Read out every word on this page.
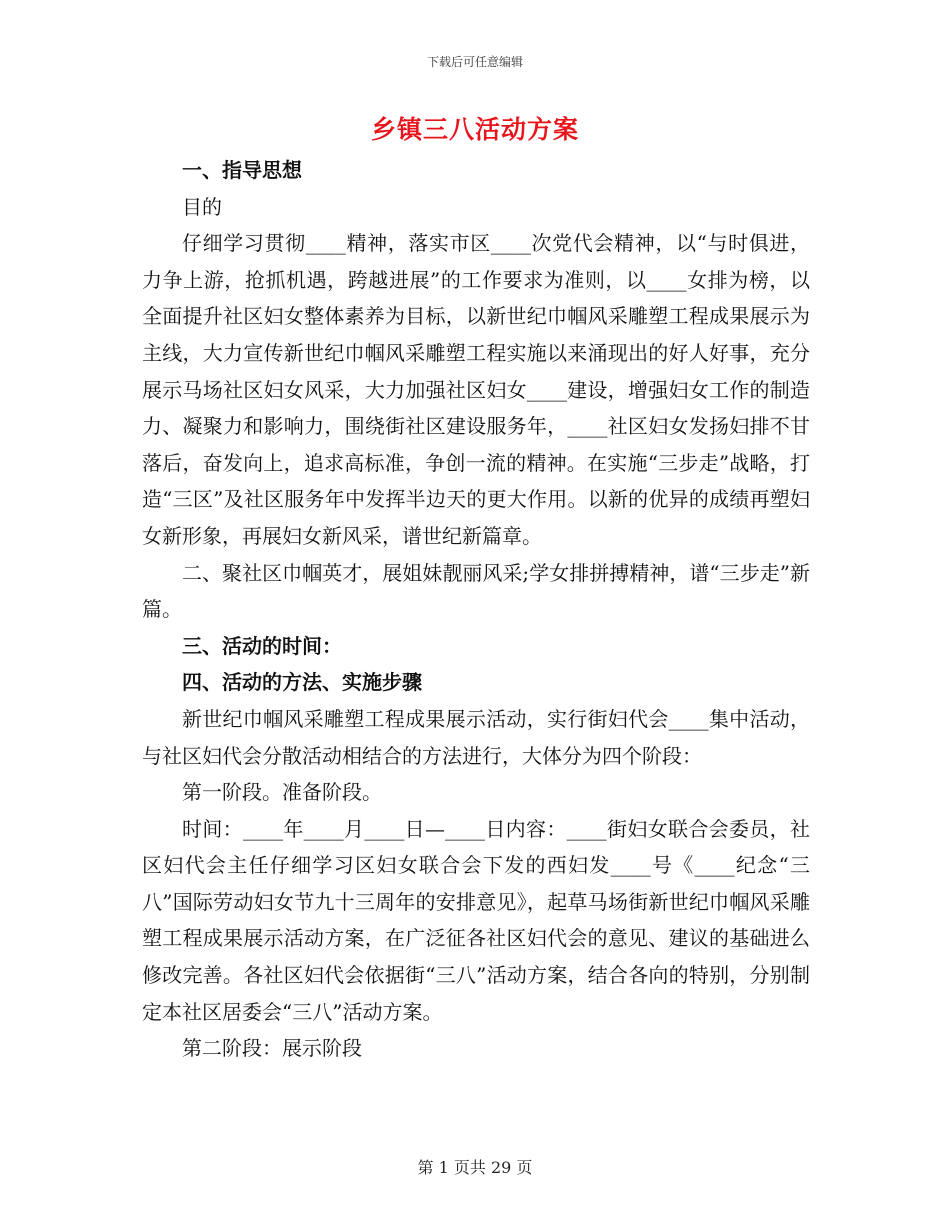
下载后可任意编辑
乡镇三八活动方案

一、指导思想

目的

仔细学习贯彻____精神，落实市区____次党代会精神，以“与时俱进，力争上游，抢抓机遇，跨越进展”的工作要求为准则，以____女排为榜，以全面提升社区妇女整体素养为目标，以新世纪巾帼风采雕塑工程成果展示为主线，大力宣传新世纪巾帼风采雕塑工程实施以来涌现出的好人好事，充分展示马场社区妇女风采，大力加强社区妇女____建设，增强妇女工作的制造力、凝聚力和影响力，围绕街社区建设服务年，____社区妇女发扬妇排不甘落后，奋发向上，追求高标准，争创一流的精神。在实施“三步走”战略，打造“三区”及社区服务年中发挥半边天的更大作用。以新的优异的成绩再塑妇女新形象，再展妇女新风采，谱世纪新篇章。

二、聚社区巾帼英才，展姐妹靓丽风采;学女排拼搏精神，谱“三步走”新篇。

三、活动的时间：

四、活动的方法、实施步骤

新世纪巾帼风采雕塑工程成果展示活动，实行街妇代会____集中活动，与社区妇代会分散活动相结合的方法进行，大体分为四个阶段：

第一阶段。准备阶段。

时间：____年____月____日—____日内容：____街妇女联合会委员，社区妇代会主任仔细学习区妇女联合会下发的西妇发____号《____纪念“三八”国际劳动妇女节九十三周年的安排意见》，起草马场街新世纪巾帼风采雕塑工程成果展示活动方案，在广泛征各社区妇代会的意见、建议的基础进么修改完善。各社区妇代会依据街“三八”活动方案，结合各向的特别，分别制定本社区居委会“三八”活动方案。

第二阶段：展示阶段

第 1 页共 29 页
